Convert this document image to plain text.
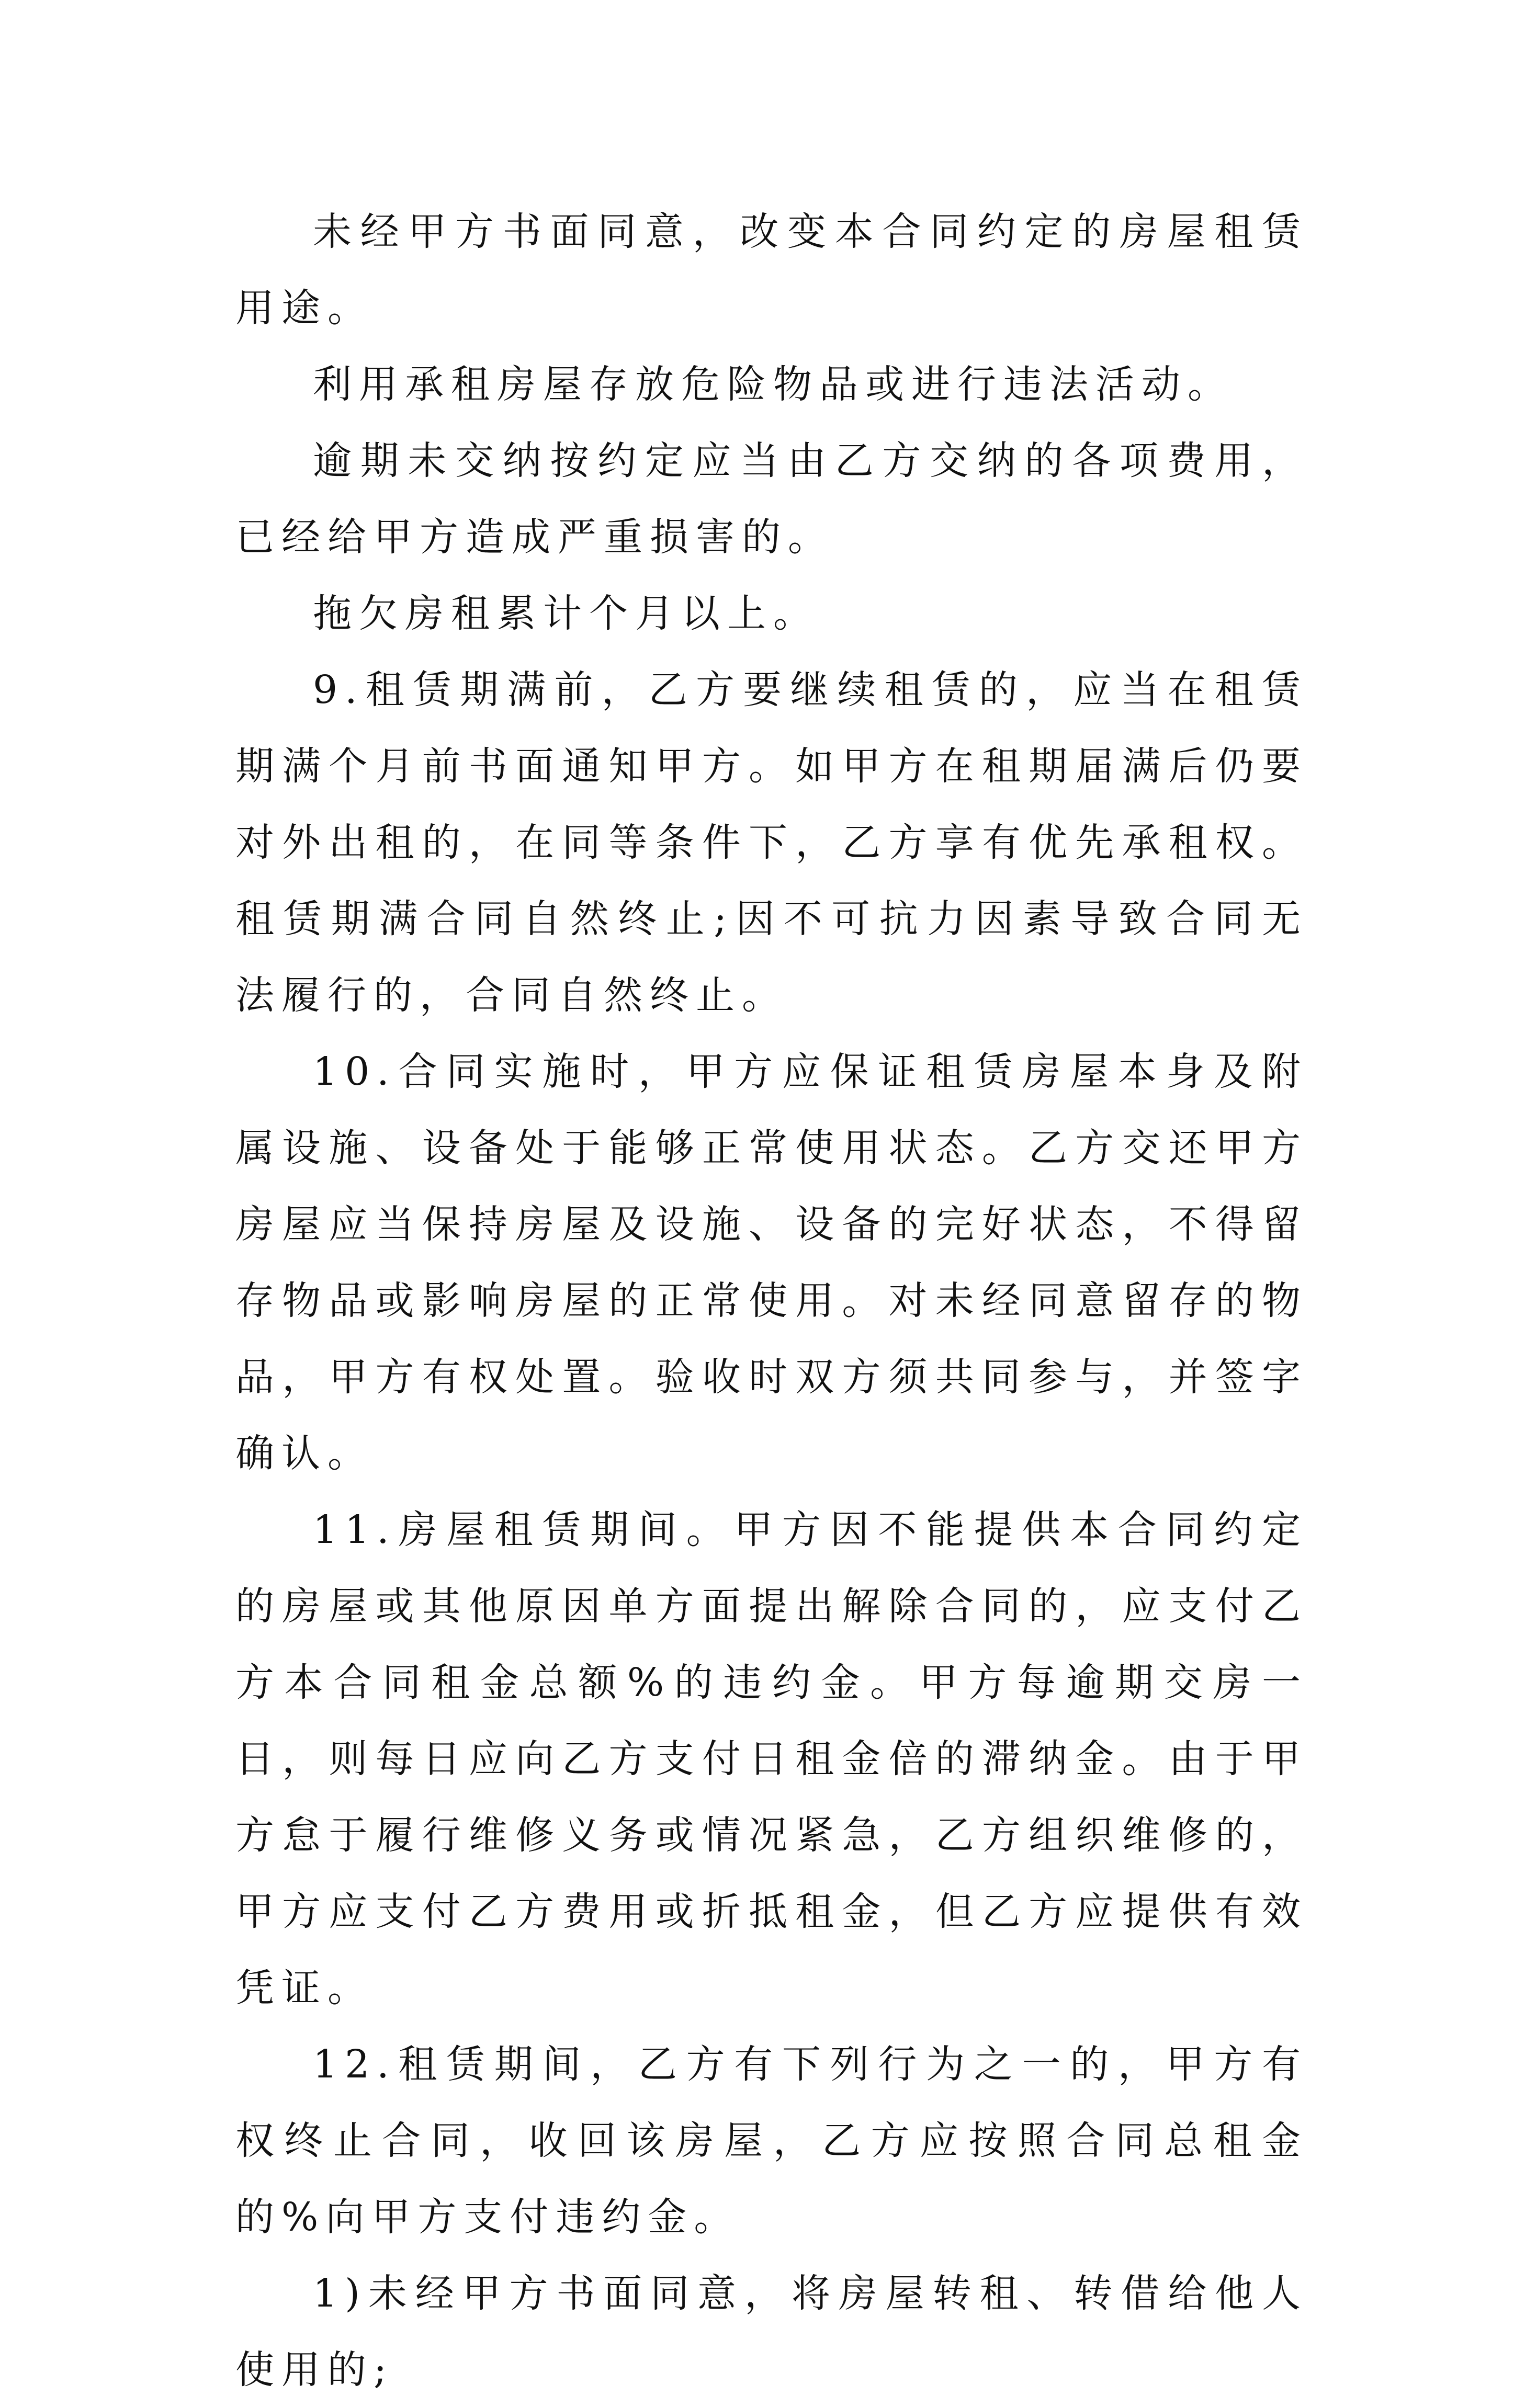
未经甲方书面同意，改变本合同约定的房屋租赁用途。

利用承租房屋存放危险物品或进行违法活动。

逾期未交纳按约定应当由乙方交纳的各项费用，已经给甲方造成严重损害的。

拖欠房租累计个月以上。

9.租赁期满前，乙方要继续租赁的，应当在租赁期满个月前书面通知甲方。如甲方在租期届满后仍要对外出租的，在同等条件下，乙方享有优先承租权。租赁期满合同自然终止;因不可抗力因素导致合同无法履行的，合同自然终止。

10.合同实施时，甲方应保证租赁房屋本身及附属设施、设备处于能够正常使用状态。乙方交还甲方房屋应当保持房屋及设施、设备的完好状态，不得留存物品或影响房屋的正常使用。对未经同意留存的物品，甲方有权处置。验收时双方须共同参与，并签字确认。

11.房屋租赁期间。甲方因不能提供本合同约定的房屋或其他原因单方面提出解除合同的，应支付乙方本合同租金总额%的违约金。甲方每逾期交房一日，则每日应向乙方支付日租金倍的滞纳金。由于甲方怠于履行维修义务或情况紧急，乙方组织维修的，甲方应支付乙方费用或折抵租金，但乙方应提供有效凭证。

12.租赁期间，乙方有下列行为之一的，甲方有权终止合同，收回该房屋，乙方应按照合同总租金的%向甲方支付违约金。

1)未经甲方书面同意，将房屋转租、转借给他人使用的;
